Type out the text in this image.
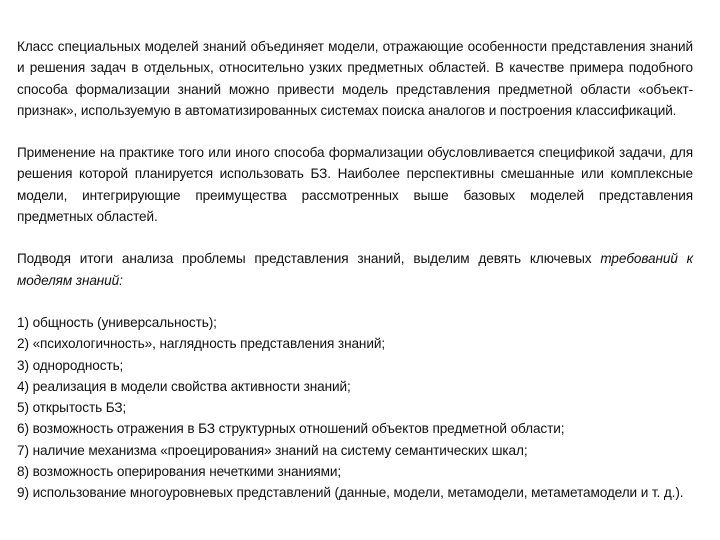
Класс специальных моделей знаний объединяет модели, отражающие особенности представления знаний и решения задач в отдельных, относительно узких предметных областей. В качестве примера подобного способа формализации знаний можно привести модель представления предметной области «объект-признак», используемую в автоматизированных системах поиска аналогов и построения классификаций.

Применение на практике того или иного способа формализации обусловливается спецификой задачи, для решения которой планируется использовать БЗ. Наиболее перспективны смешанные или комплексные модели, интегрирующие преимущества рассмотренных выше базовых моделей представления предметных областей.

Подводя итоги анализа проблемы представления знаний, выделим девять ключевых требований к моделям знаний:

1) общность (универсальность);
2) «психологичность», наглядность представления знаний;
3) однородность;
4) реализация в модели свойства активности знаний;
5) открытость БЗ;
6) возможность отражения в БЗ структурных отношений объектов предметной области;
7) наличие механизма «проецирования» знаний на систему семантических шкал;
8) возможность оперирования нечеткими знаниями;
9) использование многоуровневых представлений (данные, модели, метамодели, метаметамодели и т. д.).
